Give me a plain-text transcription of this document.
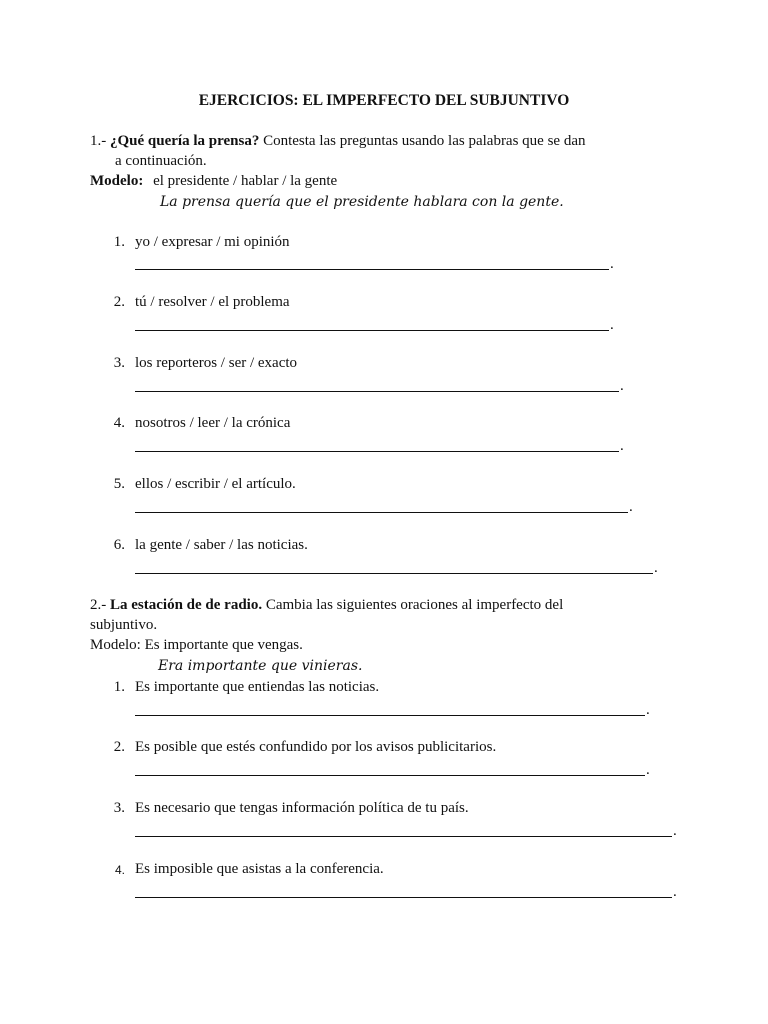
EJERCICIOS: EL IMPERFECTO DEL SUBJUNTIVO
1.- ¿Qué quería la prensa? Contesta las preguntas usando las palabras que se dan
a continuación.
Modelo: el presidente / hablar / la gente
La prensa quería que el presidente hablara con la gente.
1. yo / expresar / mi opinión
.
2. tú / resolver / el problema
.
3. los reporteros / ser / exacto
.
4. nosotros / leer / la crónica
.
5. ellos / escribir / el artículo.
.
6. la gente / saber / las noticias.
.
2.- La estación de de radio. Cambia las siguientes oraciones al imperfecto del
subjuntivo.
Modelo: Es importante que vengas.
Era importante que vinieras.
1. Es importante que entiendas las noticias.
.
2. Es posible que estés confundido por los avisos publicitarios.
.
3. Es necesario que tengas información política de tu país.
.
4. Es imposible que asistas a la conferencia.
.
